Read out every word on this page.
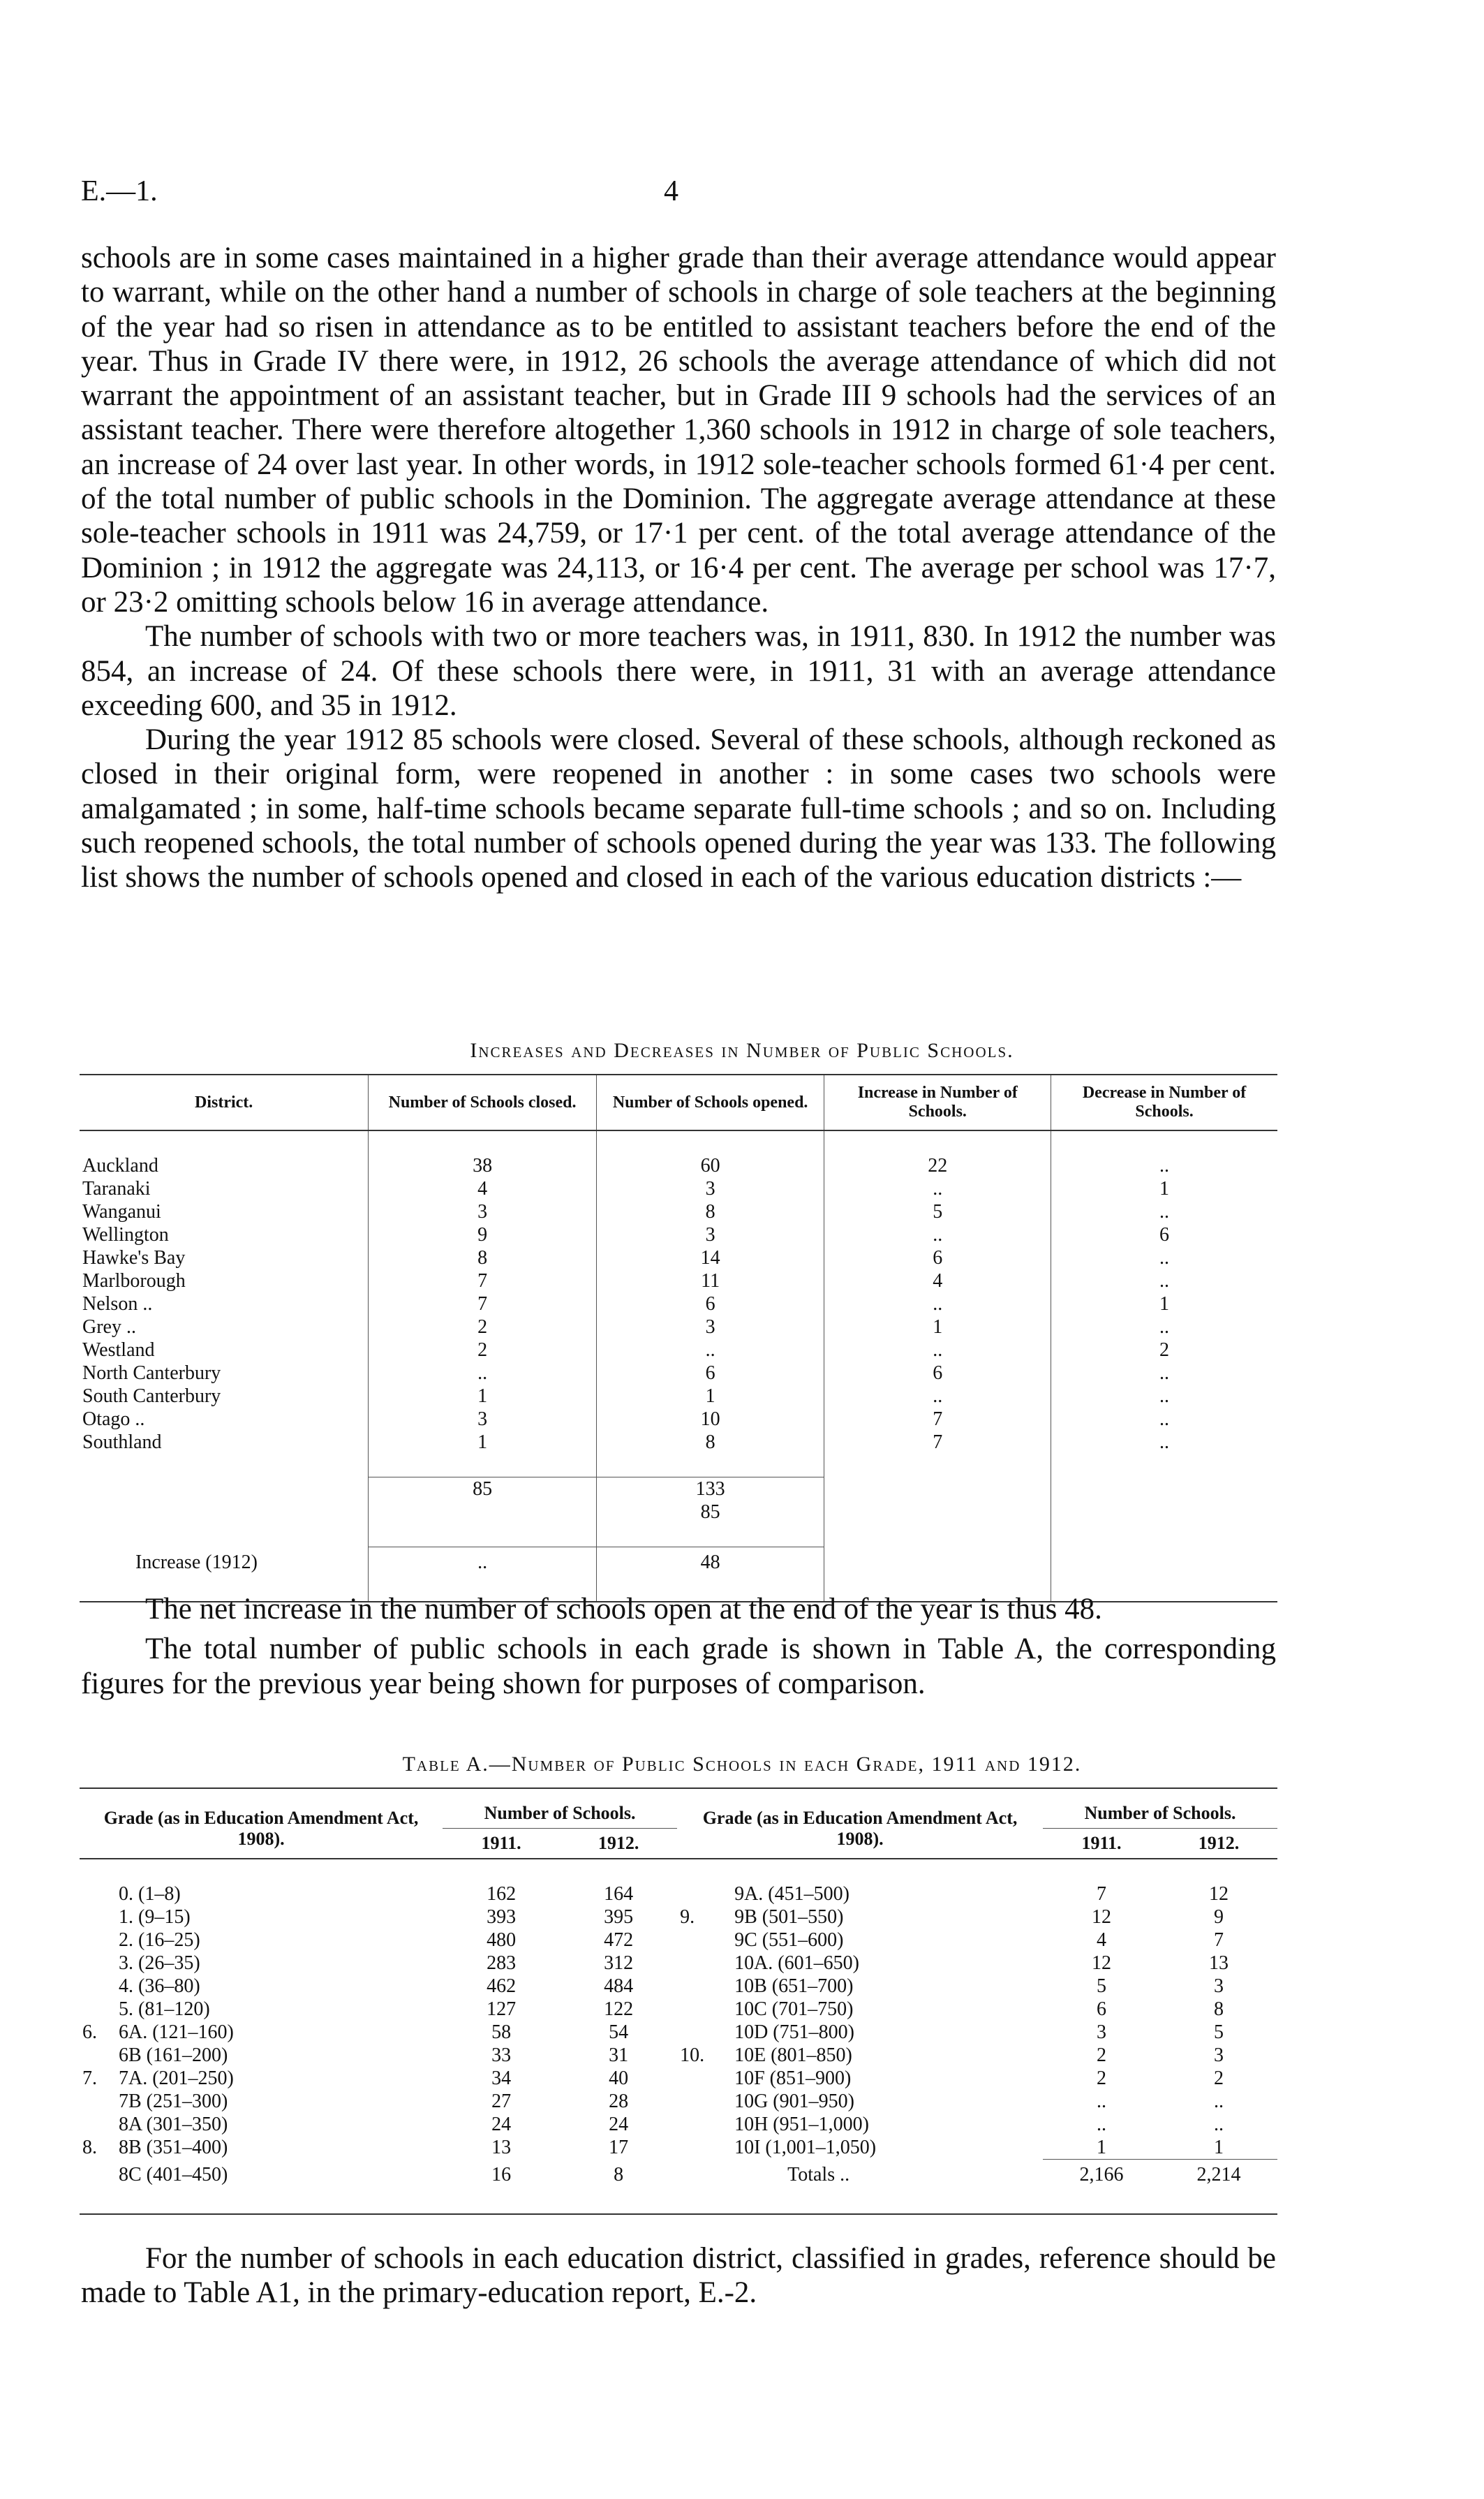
E.—1.	4

schools are in some cases maintained in a higher grade than their average attendance would appear to warrant, while on the other hand a number of schools in charge of sole teachers at the beginning of the year had so risen in attendance as to be entitled to assistant teachers before the end of the year. Thus in Grade IV there were, in 1912, 26 schools the average attendance of which did not warrant the appointment of an assistant teacher, but in Grade III 9 schools had the services of an assistant teacher. There were therefore altogether 1,360 schools in 1912 in charge of sole teachers, an increase of 24 over last year. In other words, in 1912 sole-teacher schools formed 61·4 per cent. of the total number of public schools in the Dominion. The aggregate average attendance at these sole-teacher schools in 1911 was 24,759, or 17·1 per cent. of the total average attendance of the Dominion ; in 1912 the aggregate was 24,113, or 16·4 per cent. The average per school was 17·7, or 23·2 omitting schools below 16 in average attendance.

The number of schools with two or more teachers was, in 1911, 830. In 1912 the number was 854, an increase of 24. Of these schools there were, in 1911, 31 with an average attendance exceeding 600, and 35 in 1912.

During the year 1912 85 schools were closed. Several of these schools, although reckoned as closed in their original form, were reopened in another : in some cases two schools were amalgamated ; in some, half-time schools became separate full-time schools ; and so on. Including such reopened schools, the total number of schools opened during the year was 133. The following list shows the number of schools opened and closed in each of the various education districts :—

Increases and Decreases in Number of Public Schools.
District.	Number of Schools closed.	Number of Schools opened.	Increase in Number of Schools.	Decrease in Number of Schools.

Auckland	38	60	22	..
Taranaki	4	3	..	1
Wanganui	3	8	5	..
Wellington	9	3	..	6
Hawke's Bay	8	14	6	..
Marlborough	7	11	4	..
Nelson ..	7	6	..	1
Grey ..	2	3	1	..
Westland	2	..	..	2
North Canterbury	..	6	6	..
South Canterbury	1	1	..	..
Otago ..	3	10	7	..
Southland	1	8	7	..

	85	133		
		85		

Increase (1912)	..	48		

The net increase in the number of schools open at the end of the year is thus 48.

The total number of public schools in each grade is shown in Table A, the corresponding figures for the previous year being shown for purposes of comparison.

Table A.—Number of Public Schools in each Grade, 1911 and 1912.
Grade (as in Education Amendment Act, 1908).		Number of Schools.		Grade (as in Education Amendment Act, 1908).		Number of Schools.	
		1911.	1912.			1911.	1912.

	0. (1–8)	162	164		9A. (451–500)	7	12
	1. (9–15)	393	395	9.	9B (501–550)	12	9
	2. (16–25)	480	472		9C (551–600)	4	7
	3. (26–35)	283	312		10A. (601–650)	12	13
	4. (36–80)	462	484		10B (651–700)	5	3
	5. (81–120)	127	122		10C (701–750)	6	8
6.	6A. (121–160)	58	54		10D (751–800)	3	5
	6B (161–200)	33	31	10.	10E (801–850)	2	3
7.	7A. (201–250)	34	40		10F (851–900)	2	2
	7B (251–300)	27	28		10G (901–950)	..	..
	8A (301–350)	24	24		10H (951–1,000)	..	..
8.	8B (351–400)	13	17		10I (1,001–1,050)	1	1
	8C (401–450)	16	8		Totals ..	2,166	2,214

For the number of schools in each education district, classified in grades, reference should be made to Table A1, in the primary-education report, E.-2.
